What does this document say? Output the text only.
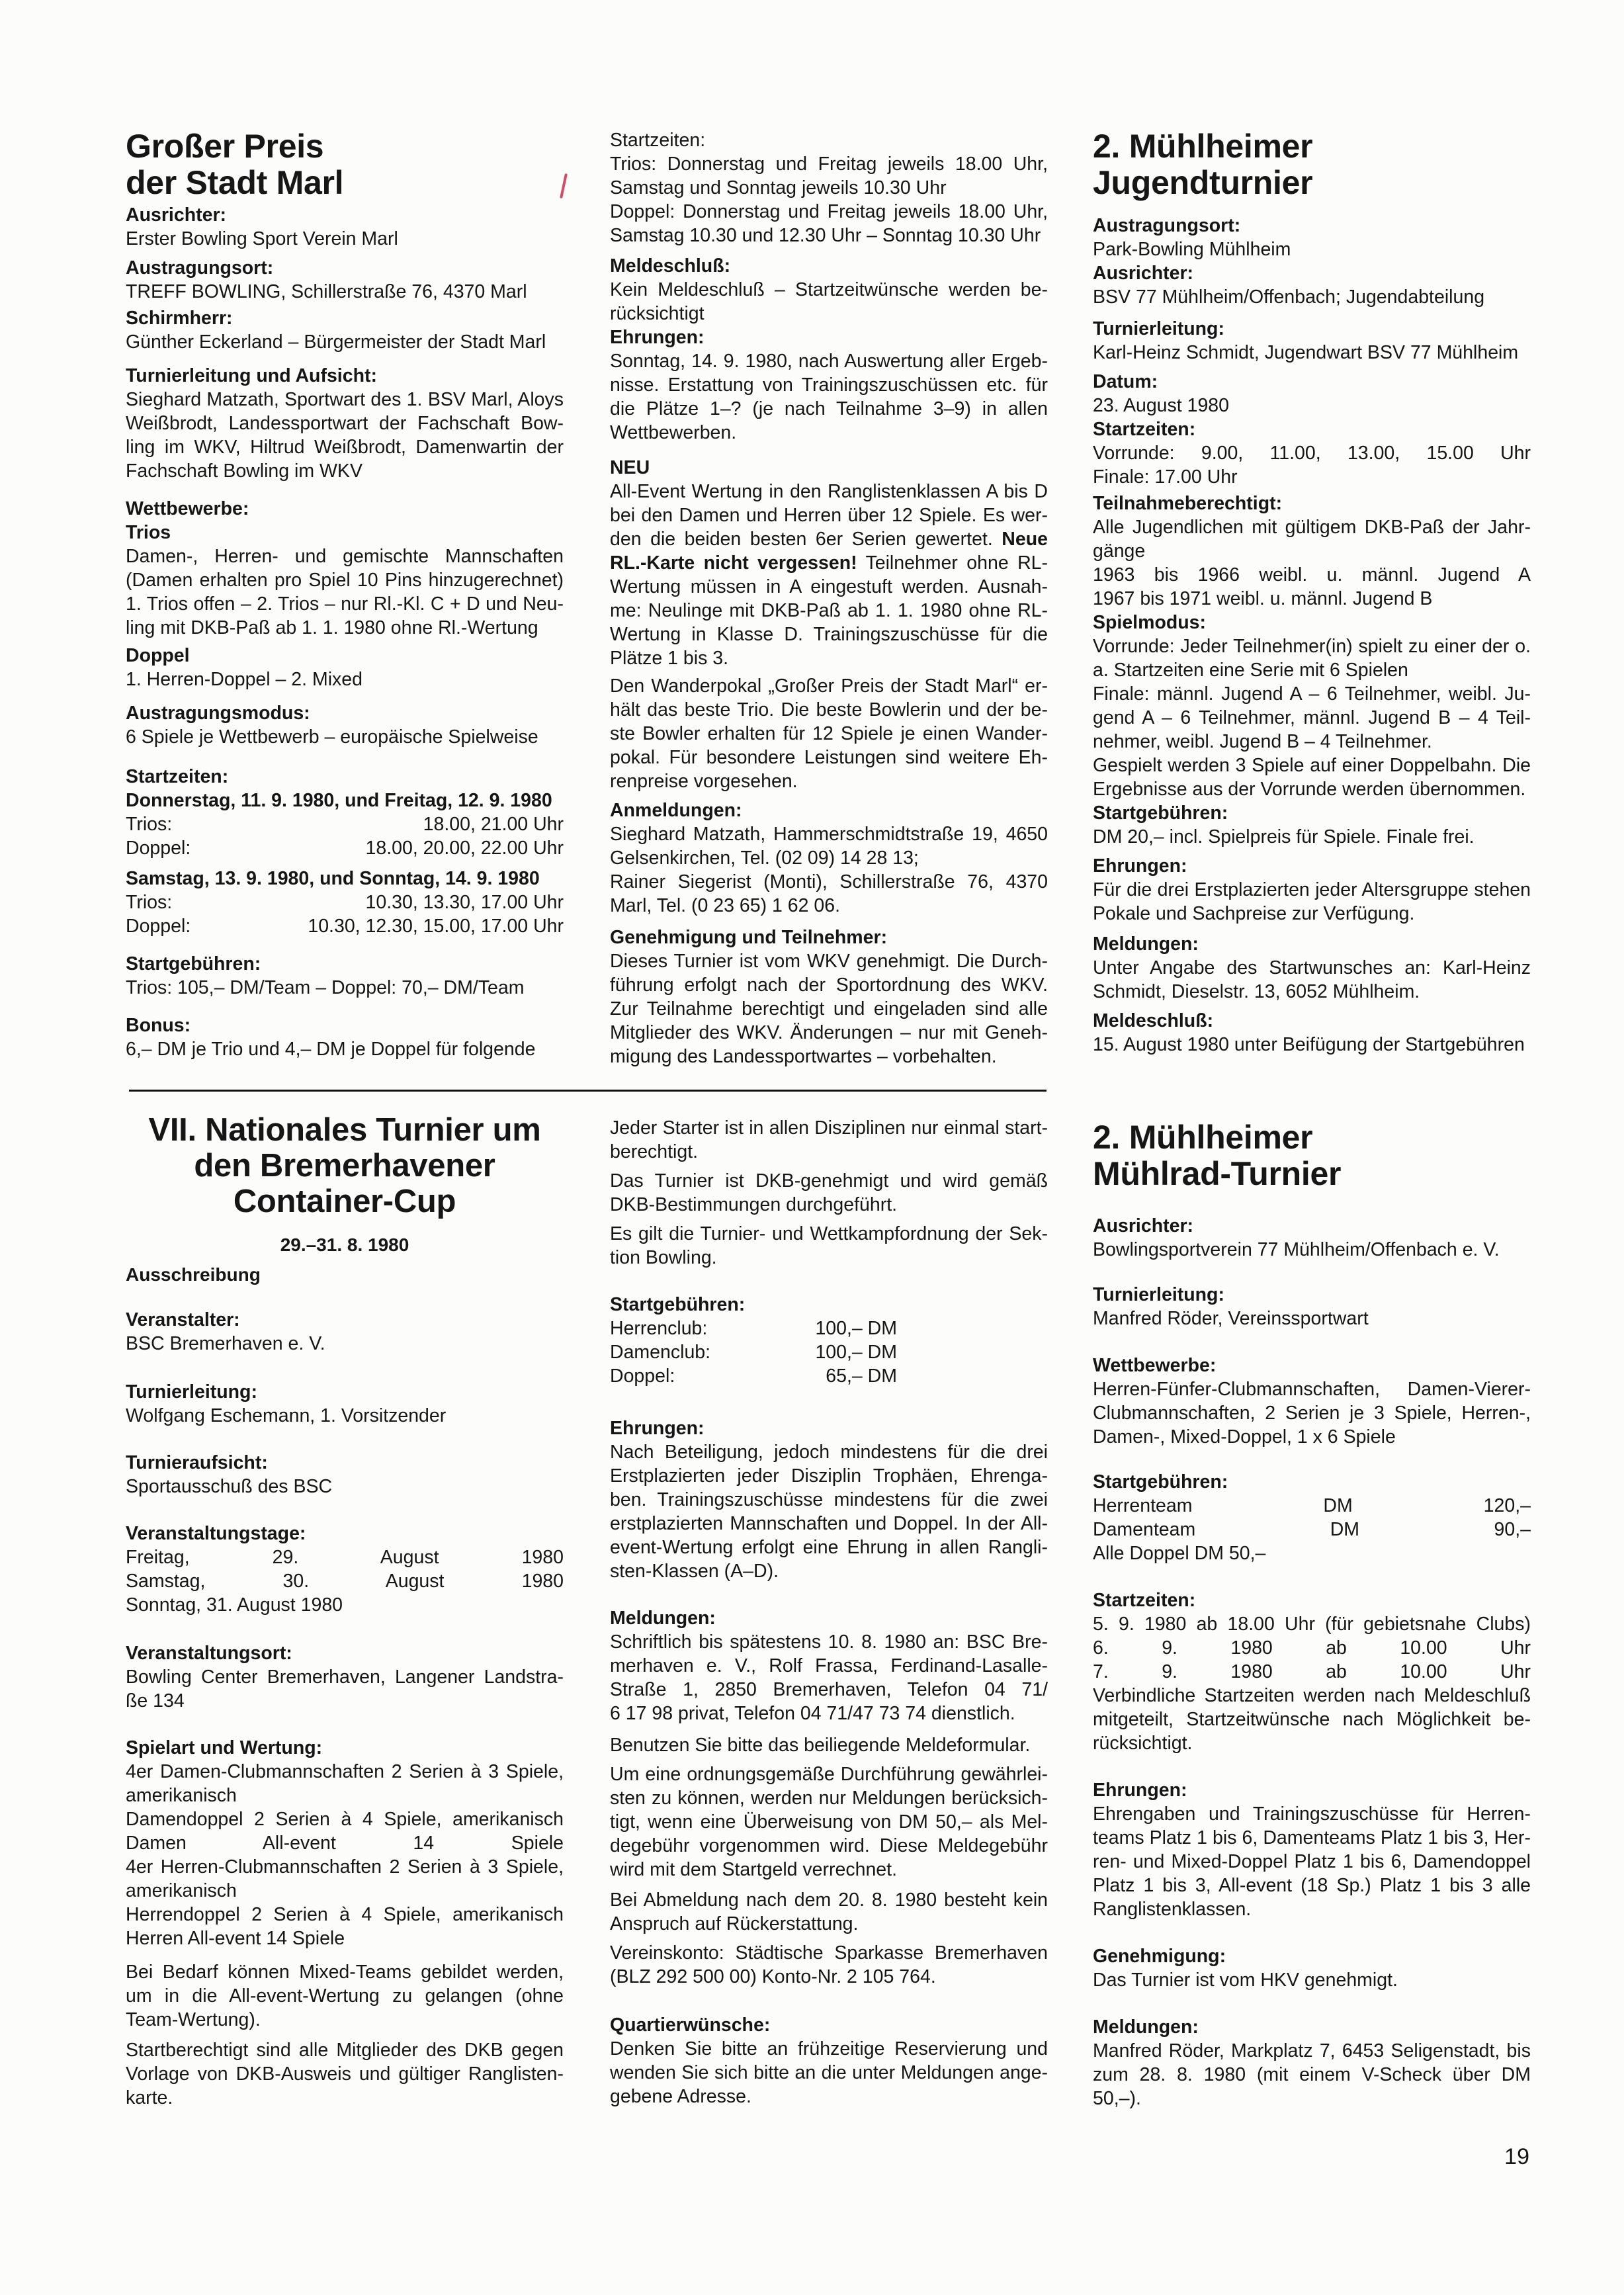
Großer Preis
der Stadt Marl
Ausrichter:
Erster Bowling Sport Verein Marl
Austragungsort:
TREFF BOWLING, Schillerstraße 76, 4370 Marl
Schirmherr:
Günther Eckerland – Bürgermeister der Stadt Marl
Turnierleitung und Aufsicht:
Sieghard Matzath, Sportwart des 1. BSV Marl, Aloys
Weißbrodt, Landessportwart der Fachschaft Bow-
ling im WKV, Hiltrud Weißbrodt, Damenwartin der
Fachschaft Bowling im WKV
Wettbewerbe:
Trios
Damen-, Herren- und gemischte Mannschaften
(Damen erhalten pro Spiel 10 Pins hinzugerechnet)
1. Trios offen – 2. Trios – nur Rl.-Kl. C + D und Neu-
ling mit DKB-Paß ab 1. 1. 1980 ohne Rl.-Wertung
Doppel
1. Herren-Doppel – 2. Mixed
Austragungsmodus:
6 Spiele je Wettbewerb – europäische Spielweise
Startzeiten:
Donnerstag, 11. 9. 1980, und Freitag, 12. 9. 1980
Trios:	18.00, 21.00 Uhr
Doppel:	18.00, 20.00, 22.00 Uhr
Samstag, 13. 9. 1980, und Sonntag, 14. 9. 1980
Trios:	10.30, 13.30, 17.00 Uhr
Doppel:	10.30, 12.30, 15.00, 17.00 Uhr
Startgebühren:
Trios: 105,– DM/Team – Doppel: 70,– DM/Team
Bonus:
6,– DM je Trio und 4,– DM je Doppel für folgende
Startzeiten:
Trios: Donnerstag und Freitag jeweils 18.00 Uhr,
Samstag und Sonntag jeweils 10.30 Uhr
Doppel: Donnerstag und Freitag jeweils 18.00 Uhr,
Samstag 10.30 und 12.30 Uhr – Sonntag 10.30 Uhr
Meldeschluß:
Kein Meldeschluß – Startzeitwünsche werden be-
rücksichtigt
Ehrungen:
Sonntag, 14. 9. 1980, nach Auswertung aller Ergeb-
nisse. Erstattung von Trainingszuschüssen etc. für
die Plätze 1–? (je nach Teilnahme 3–9) in allen
Wettbewerben.
NEU
All-Event Wertung in den Ranglistenklassen A bis D
bei den Damen und Herren über 12 Spiele. Es wer-
den die beiden besten 6er Serien gewertet. Neue
RL.-Karte nicht vergessen! Teilnehmer ohne RL-
Wertung müssen in A eingestuft werden. Ausnah-
me: Neulinge mit DKB-Paß ab 1. 1. 1980 ohne RL-
Wertung in Klasse D. Trainingszuschüsse für die
Plätze 1 bis 3.
Den Wanderpokal „Großer Preis der Stadt Marl“ er-
hält das beste Trio. Die beste Bowlerin und der be-
ste Bowler erhalten für 12 Spiele je einen Wander-
pokal. Für besondere Leistungen sind weitere Eh-
renpreise vorgesehen.
Anmeldungen:
Sieghard Matzath, Hammerschmidtstraße 19, 4650
Gelsenkirchen, Tel. (02 09) 14 28 13;
Rainer Siegerist (Monti), Schillerstraße 76, 4370
Marl, Tel. (0 23 65) 1 62 06.
Genehmigung und Teilnehmer:
Dieses Turnier ist vom WKV genehmigt. Die Durch-
führung erfolgt nach der Sportordnung des WKV.
Zur Teilnahme berechtigt und eingeladen sind alle
Mitglieder des WKV. Änderungen – nur mit Geneh-
migung des Landessportwartes – vorbehalten.
2. Mühlheimer
Jugendturnier
Austragungsort:
Park-Bowling Mühlheim
Ausrichter:
BSV 77 Mühlheim/Offenbach; Jugendabteilung
Turnierleitung:
Karl-Heinz Schmidt, Jugendwart BSV 77 Mühlheim
Datum:
23. August 1980
Startzeiten:
Vorrunde: 9.00, 11.00, 13.00, 15.00 Uhr
Finale: 17.00 Uhr
Teilnahmeberechtigt:
Alle Jugendlichen mit gültigem DKB-Paß der Jahr-
gänge
1963 bis 1966 weibl. u. männl. Jugend A
1967 bis 1971 weibl. u. männl. Jugend B
Spielmodus:
Vorrunde: Jeder Teilnehmer(in) spielt zu einer der o.
a. Startzeiten eine Serie mit 6 Spielen
Finale: männl. Jugend A – 6 Teilnehmer, weibl. Ju-
gend A – 6 Teilnehmer, männl. Jugend B – 4 Teil-
nehmer, weibl. Jugend B – 4 Teilnehmer.
Gespielt werden 3 Spiele auf einer Doppelbahn. Die
Ergebnisse aus der Vorrunde werden übernommen.
Startgebühren:
DM 20,– incl. Spielpreis für Spiele. Finale frei.
Ehrungen:
Für die drei Erstplazierten jeder Altersgruppe stehen
Pokale und Sachpreise zur Verfügung.
Meldungen:
Unter Angabe des Startwunsches an: Karl-Heinz
Schmidt, Dieselstr. 13, 6052 Mühlheim.
Meldeschluß:
15. August 1980 unter Beifügung der Startgebühren
VII. Nationales Turnier um
den Bremerhavener
Container-Cup
29.–31. 8. 1980
Ausschreibung
Veranstalter:
BSC Bremerhaven e. V.
Turnierleitung:
Wolfgang Eschemann, 1. Vorsitzender
Turnieraufsicht:
Sportausschuß des BSC
Veranstaltungstage:
Freitag, 29. August 1980
Samstag, 30. August 1980
Sonntag, 31. August 1980
Veranstaltungsort:
Bowling Center Bremerhaven, Langener Landstra-
ße 134
Spielart und Wertung:
4er Damen-Clubmannschaften 2 Serien à 3 Spiele,
amerikanisch
Damendoppel 2 Serien à 4 Spiele, amerikanisch
Damen All-event 14 Spiele
4er Herren-Clubmannschaften 2 Serien à 3 Spiele,
amerikanisch
Herrendoppel 2 Serien à 4 Spiele, amerikanisch
Herren All-event 14 Spiele
Bei Bedarf können Mixed-Teams gebildet werden,
um in die All-event-Wertung zu gelangen (ohne
Team-Wertung).
Startberechtigt sind alle Mitglieder des DKB gegen
Vorlage von DKB-Ausweis und gültiger Ranglisten-
karte.
Jeder Starter ist in allen Disziplinen nur einmal start-
berechtigt.
Das Turnier ist DKB-genehmigt und wird gemäß
DKB-Bestimmungen durchgeführt.
Es gilt die Turnier- und Wettkampfordnung der Sek-
tion Bowling.
Startgebühren:
Herrenclub:	100,– DM
Damenclub:	100,– DM
Doppel:	65,– DM
Ehrungen:
Nach Beteiligung, jedoch mindestens für die drei
Erstplazierten jeder Disziplin Trophäen, Ehrenga-
ben. Trainingszuschüsse mindestens für die zwei
erstplazierten Mannschaften und Doppel. In der All-
event-Wertung erfolgt eine Ehrung in allen Rangli-
sten-Klassen (A–D).
Meldungen:
Schriftlich bis spätestens 10. 8. 1980 an: BSC Bre-
merhaven e. V., Rolf Frassa, Ferdinand-Lasalle-
Straße 1, 2850 Bremerhaven, Telefon 04 71/
6 17 98 privat, Telefon 04 71/47 73 74 dienstlich.
Benutzen Sie bitte das beiliegende Meldeformular.
Um eine ordnungsgemäße Durchführung gewährlei-
sten zu können, werden nur Meldungen berücksich-
tigt, wenn eine Überweisung von DM 50,– als Mel-
degebühr vorgenommen wird. Diese Meldegebühr
wird mit dem Startgeld verrechnet.
Bei Abmeldung nach dem 20. 8. 1980 besteht kein
Anspruch auf Rückerstattung.
Vereinskonto: Städtische Sparkasse Bremerhaven
(BLZ 292 500 00) Konto-Nr. 2 105 764.
Quartierwünsche:
Denken Sie bitte an frühzeitige Reservierung und
wenden Sie sich bitte an die unter Meldungen ange-
gebene Adresse.
2. Mühlheimer
Mühlrad-Turnier
Ausrichter:
Bowlingsportverein 77 Mühlheim/Offenbach e. V.
Turnierleitung:
Manfred Röder, Vereinssportwart
Wettbewerbe:
Herren-Fünfer-Clubmannschaften, Damen-Vierer-
Clubmannschaften, 2 Serien je 3 Spiele, Herren-,
Damen-, Mixed-Doppel, 1 x 6 Spiele
Startgebühren:
Herrenteam DM 120,–
Damenteam DM 90,–
Alle Doppel DM 50,–
Startzeiten:
5. 9. 1980 ab 18.00 Uhr (für gebietsnahe Clubs)
6. 9. 1980 ab 10.00 Uhr
7. 9. 1980 ab 10.00 Uhr
Verbindliche Startzeiten werden nach Meldeschluß
mitgeteilt, Startzeitwünsche nach Möglichkeit be-
rücksichtigt.
Ehrungen:
Ehrengaben und Trainingszuschüsse für Herren-
teams Platz 1 bis 6, Damenteams Platz 1 bis 3, Her-
ren- und Mixed-Doppel Platz 1 bis 6, Damendoppel
Platz 1 bis 3, All-event (18 Sp.) Platz 1 bis 3 alle
Ranglistenklassen.
Genehmigung:
Das Turnier ist vom HKV genehmigt.
Meldungen:
Manfred Röder, Markplatz 7, 6453 Seligenstadt, bis
zum 28. 8. 1980 (mit einem V-Scheck über DM
50,–).
19
